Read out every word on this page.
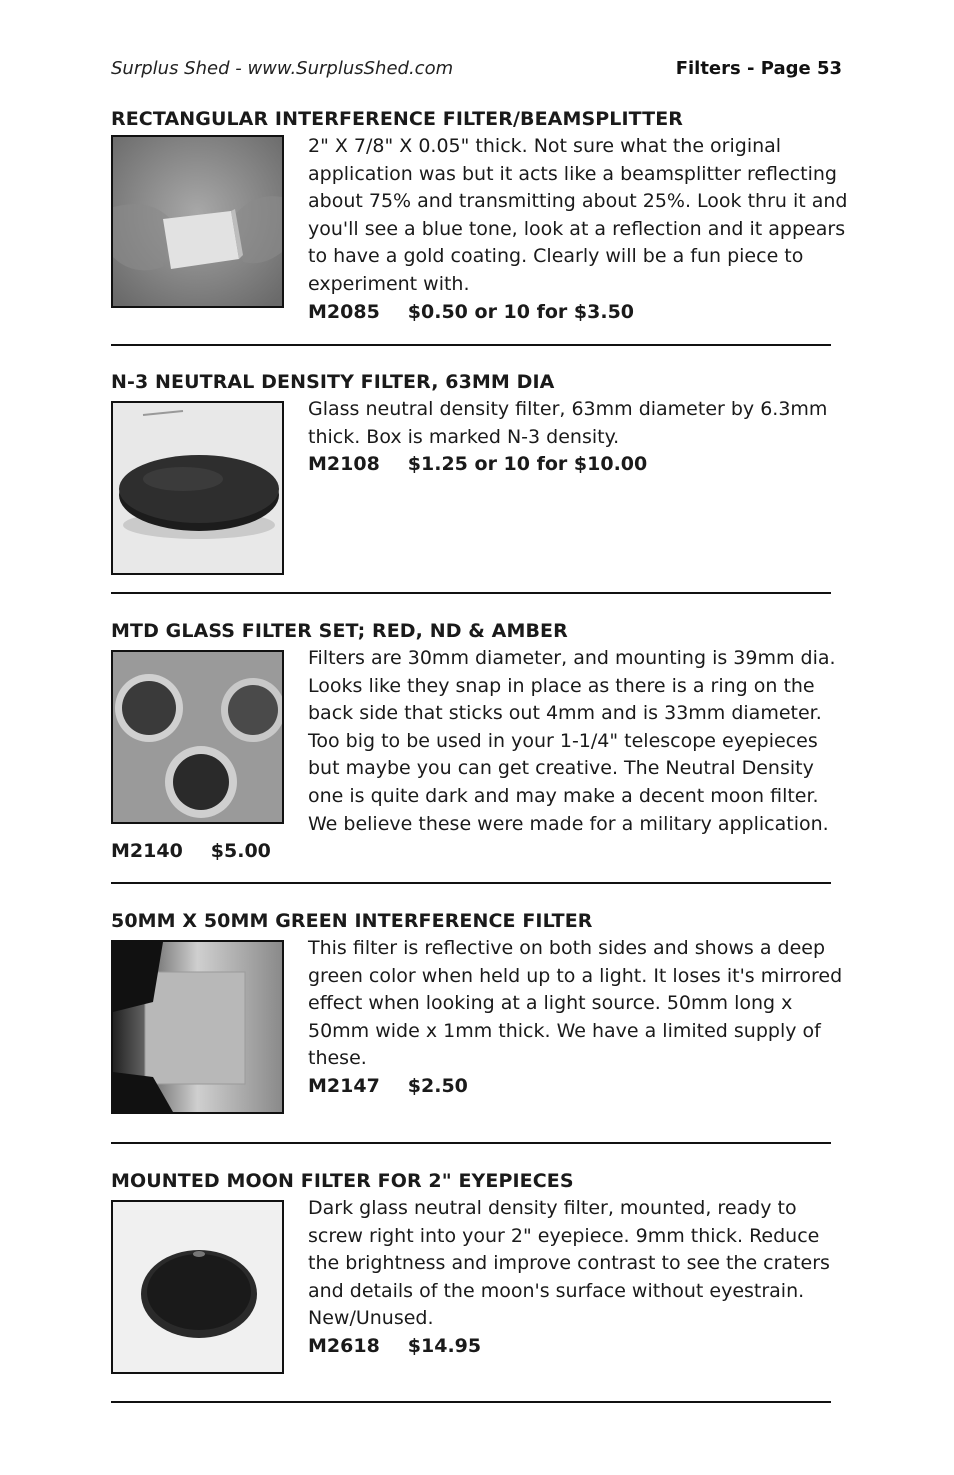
Surplus Shed - www.SurplusShed.com	Filters - Page 53
RECTANGULAR INTERFERENCE FILTER/BEAMSPLITTER

2" X 7/8" X 0.05" thick. Not sure what the original application was but it acts like a beamsplitter reflecting about 75% and transmitting about 25%. Look thru it and you'll see a blue tone, look at a reflection and it appears to have a gold coating. Clearly will be a fun piece to experiment with.

M2085 $0.50 or 10 for $3.50

N-3 NEUTRAL DENSITY FILTER, 63MM DIA

Glass neutral density filter, 63mm diameter by 6.3mm thick. Box is marked N-3 density.

M2108 $1.25 or 10 for $10.00

MTD GLASS FILTER SET; RED, ND & AMBER

Filters are 30mm diameter, and mounting is 39mm dia. Looks like they snap in place as there is a ring on the back side that sticks out 4mm and is 33mm diameter. Too big to be used in your 1-1/4" telescope eyepieces but maybe you can get creative. The Neutral Density one is quite dark and may make a decent moon filter. We believe these were made for a military application.

M2140 $5.00
50MM X 50MM GREEN INTERFERENCE FILTER

This filter is reflective on both sides and shows a deep green color when held up to a light. It loses it's mirrored effect when looking at a light source. 50mm long x 50mm wide x 1mm thick. We have a limited supply of these.

M2147 $2.50

MOUNTED MOON FILTER FOR 2" EYEPIECES

Dark glass neutral density filter, mounted, ready to screw right into your 2" eyepiece. 9mm thick. Reduce the brightness and improve contrast to see the craters and details of the moon's surface without eyestrain. New/Unused.

M2618 $14.95
